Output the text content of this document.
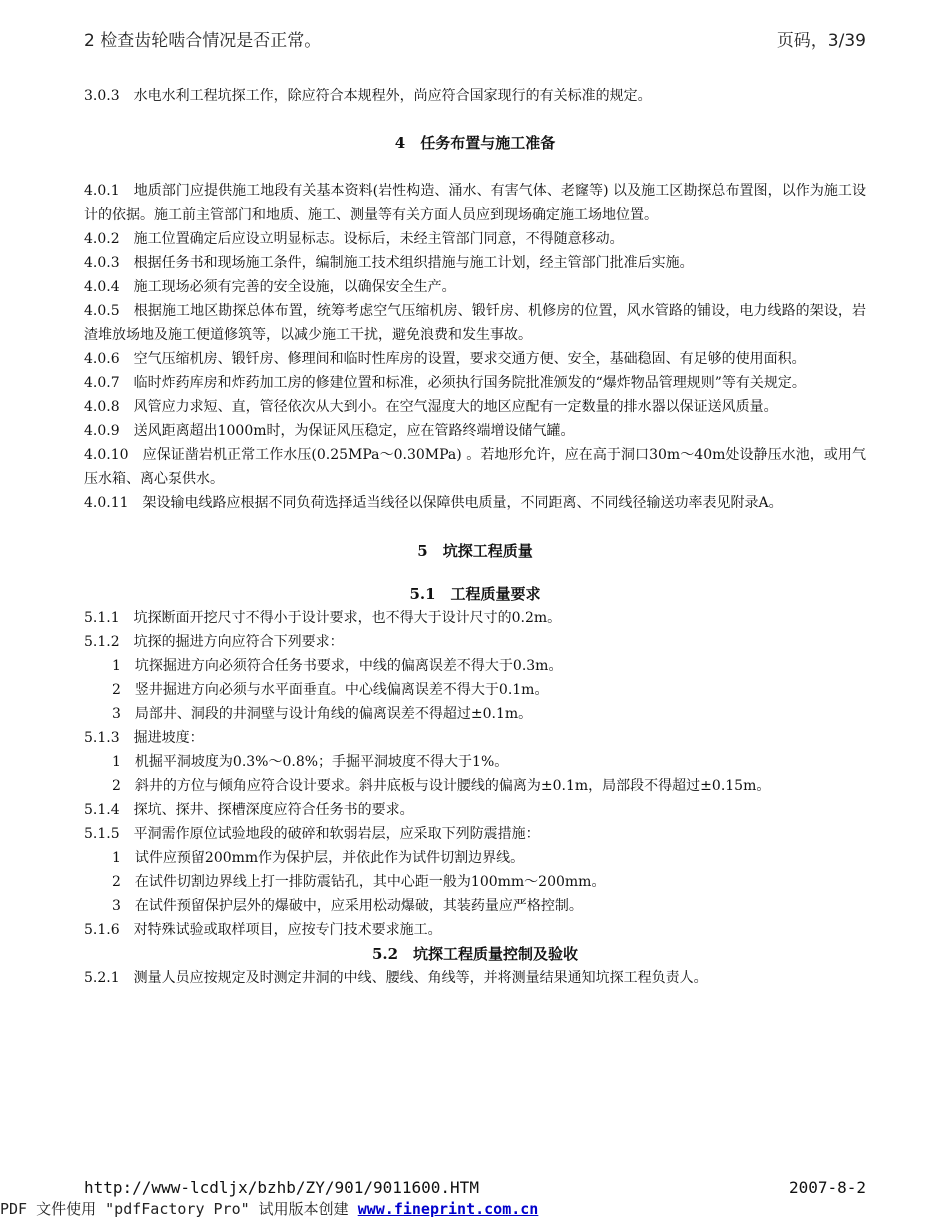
2 检查齿轮啮合情况是否正常。	页码，3/39
3.0.3　水电水利工程坑探工作，除应符合本规程外，尚应符合国家现行的有关标准的规定。
4　任务布置与施工准备
4.0.1　地质部门应提供施工地段有关基本资料(岩性构造、涌水、有害气体、老窿等) 以及施工区勘探总布置图，以作为施工设计的依据。施工前主管部门和地质、施工、测量等有关方面人员应到现场确定施工场地位置。
4.0.2　施工位置确定后应设立明显标志。设标后，未经主管部门同意，不得随意移动。
4.0.3　根据任务书和现场施工条件，编制施工技术组织措施与施工计划，经主管部门批准后实施。
4.0.4　施工现场必须有完善的安全设施，以确保安全生产。
4.0.5　根据施工地区勘探总体布置，统筹考虑空气压缩机房、锻钎房、机修房的位置，风水管路的铺设，电力线路的架设，岩渣堆放场地及施工便道修筑等，以减少施工干扰，避免浪费和发生事故。
4.0.6　空气压缩机房、锻钎房、修理间和临时性库房的设置，要求交通方便、安全，基础稳固、有足够的使用面积。
4.0.7　临时炸药库房和炸药加工房的修建位置和标准，必须执行国务院批准颁发的“爆炸物品管理规则”等有关规定。
4.0.8　风管应力求短、直，管径依次从大到小。在空气湿度大的地区应配有一定数量的排水器以保证送风质量。
4.0.9　送风距离超出1000m时，为保证风压稳定，应在管路终端增设储气罐。
4.0.10　应保证凿岩机正常工作水压(0.25MPa～0.30MPa) 。若地形允许，应在高于洞口30m～40m处设静压水池，或用气压水箱、离心泵供水。
4.0.11　架设输电线路应根据不同负荷选择适当线径以保障供电质量，不同距离、不同线径输送功率表见附录A。
5　坑探工程质量
5.1　工程质量要求
5.1.1　坑探断面开挖尺寸不得小于设计要求，也不得大于设计尺寸的0.2m。
5.1.2　坑探的掘进方向应符合下列要求：
1　坑探掘进方向必须符合任务书要求，中线的偏离误差不得大于0.3m。
2　竖井掘进方向必须与水平面垂直。中心线偏离误差不得大于0.1m。
3　局部井、洞段的井洞壁与设计角线的偏离误差不得超过±0.1m。
5.1.3　掘进坡度：
1　机掘平洞坡度为0.3%～0.8%；手掘平洞坡度不得大于1%。
2　斜井的方位与倾角应符合设计要求。斜井底板与设计腰线的偏离为±0.1m，局部段不得超过±0.15m。
5.1.4　探坑、探井、探槽深度应符合任务书的要求。
5.1.5　平洞需作原位试验地段的破碎和软弱岩层，应采取下列防震措施：
1　试件应预留200mm作为保护层，并依此作为试件切割边界线。
2　在试件切割边界线上打一排防震钻孔，其中心距一般为100mm～200mm。
3　在试件预留保护层外的爆破中，应采用松动爆破，其装药量应严格控制。
5.1.6　对特殊试验或取样项目，应按专门技术要求施工。
5.2　坑探工程质量控制及验收
5.2.1　测量人员应按规定及时测定井洞的中线、腰线、角线等，并将测量结果通知坑探工程负责人。
http://www-lcdljx/bzhb/ZY/901/9011600.HTM	2007-8-2
PDF 文件使用 "pdfFactory Pro" 试用版本创建 www.fineprint.com.cn
